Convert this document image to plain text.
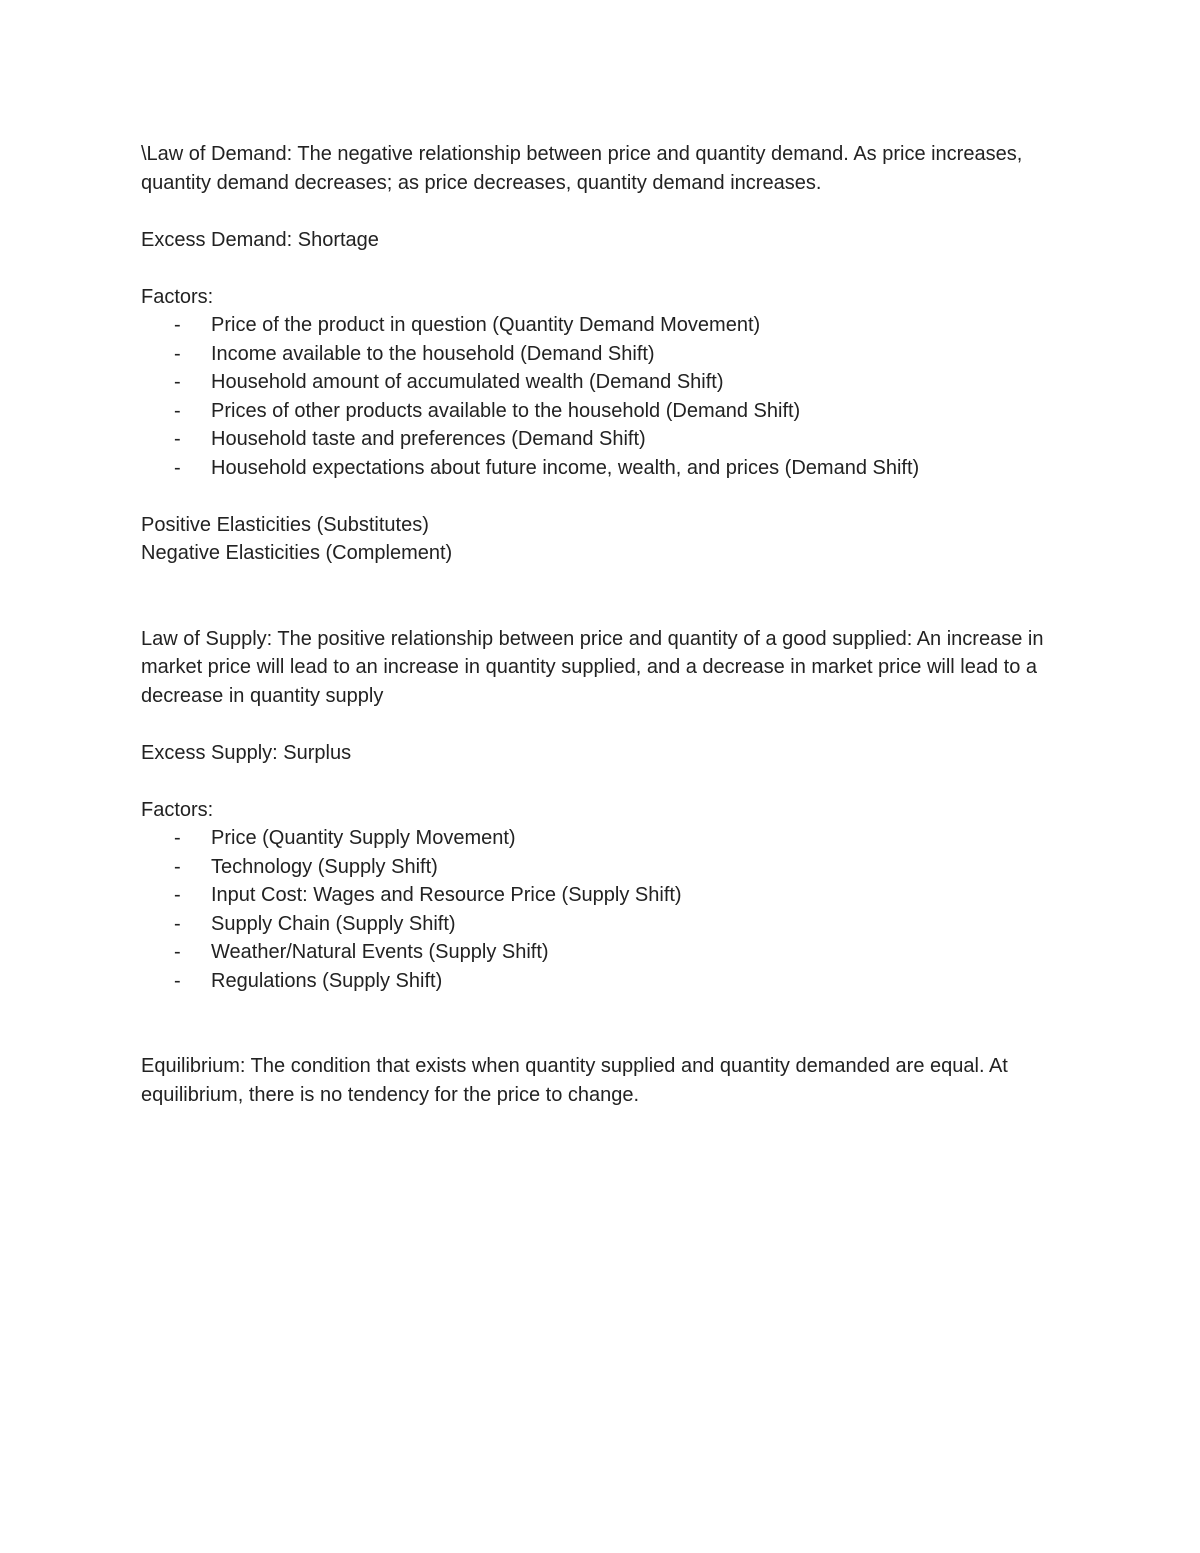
\Law of Demand: The negative relationship between price and quantity demand. As price increases, quantity demand decreases; as price decreases, quantity demand increases.

Excess Demand: Shortage

Factors:

- Price of the product in question (Quantity Demand Movement)
- Income available to the household (Demand Shift)
- Household amount of accumulated wealth (Demand Shift)
- Prices of other products available to the household (Demand Shift)
- Household taste and preferences (Demand Shift)
- Household expectations about future income, wealth, and prices (Demand Shift)

Positive Elasticities (Substitutes)

Negative Elasticities (Complement)

Law of Supply: The positive relationship between price and quantity of a good supplied: An increase in market price will lead to an increase in quantity supplied, and a decrease in market price will lead to a decrease in quantity supply

Excess Supply: Surplus

Factors:

- Price (Quantity Supply Movement)
- Technology (Supply Shift)
- Input Cost: Wages and Resource Price (Supply Shift)
- Supply Chain (Supply Shift)
- Weather/Natural Events (Supply Shift)
- Regulations (Supply Shift)

Equilibrium: The condition that exists when quantity supplied and quantity demanded are equal. At equilibrium, there is no tendency for the price to change.
